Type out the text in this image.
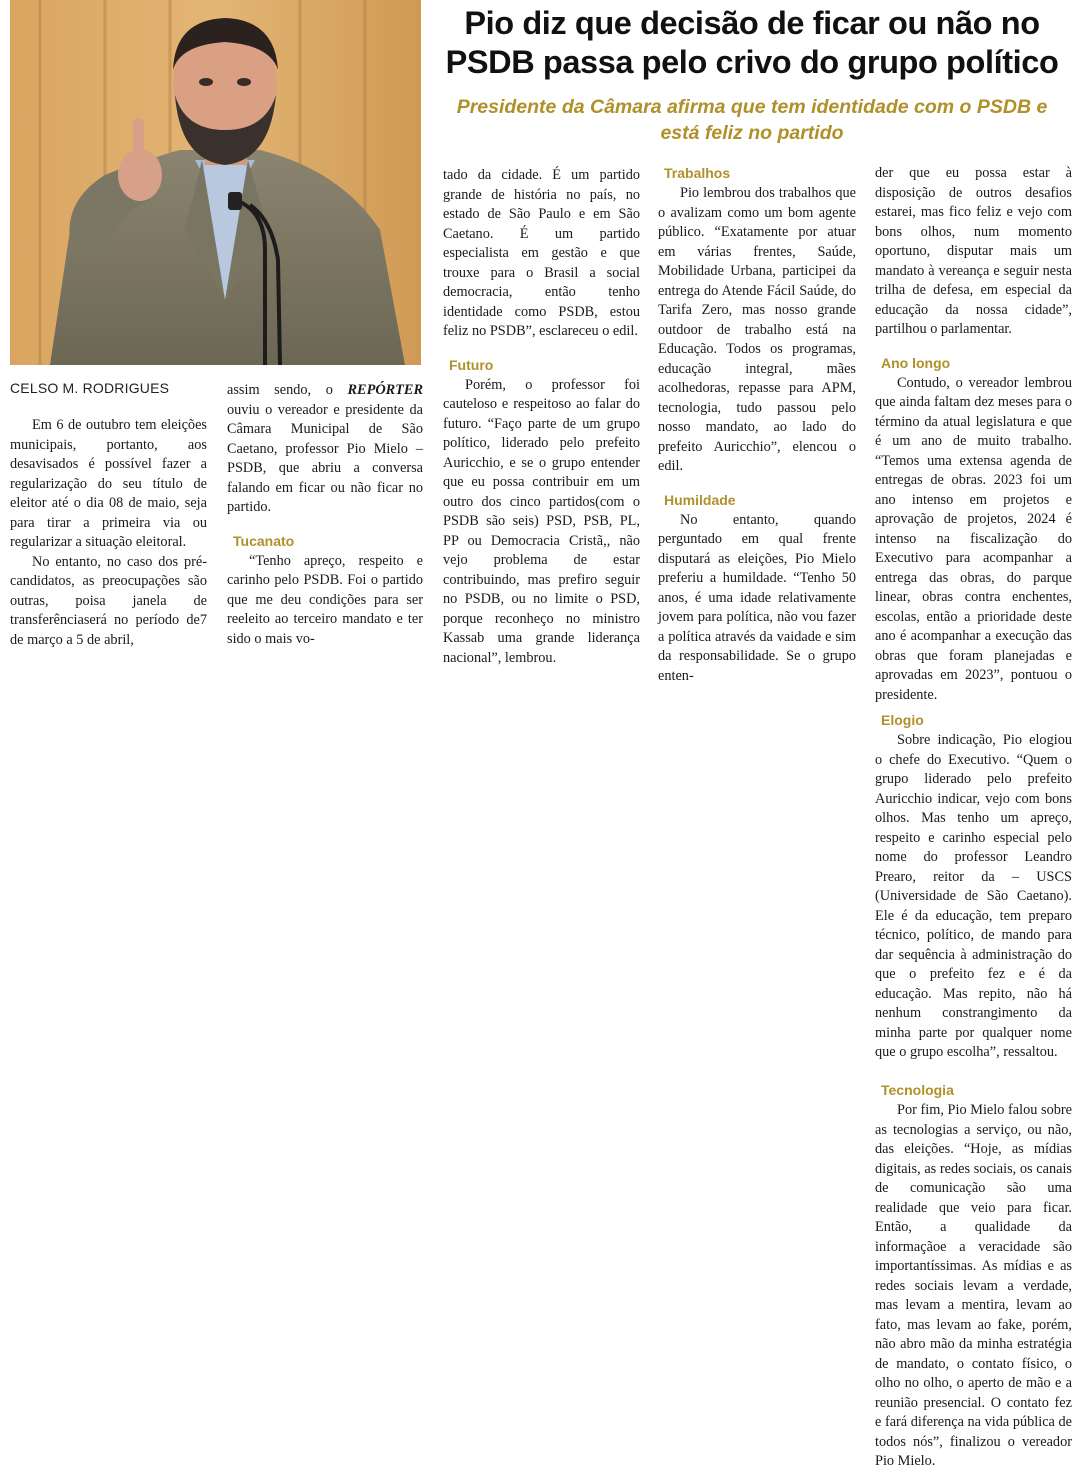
CELSO M. RODRIGUES
Pio diz que decisão de ficar ou não no PSDB passa pelo crivo do grupo político
Presidente da Câmara afirma que tem identidade com o PSDB e está feliz no partido

Em 6 de outubro tem eleições municipais, portanto, aos desavisados é possível fazer a regularização do seu título de eleitor até o dia 08 de maio, seja para tirar a primeira via ou regularizar a situação eleitoral.

No entanto, no caso dos pré-candidatos, as preocupações são outras, poisa janela de transferênciaserá no período de7 de março a 5 de abril,

assim sendo, o REPÓRTER ouviu o vereador e presidente da Câmara Municipal de São Caetano, professor Pio Mielo – PSDB, que abriu a conversa falando em ficar ou não ficar no partido.

Tucanato

“Tenho apreço, respeito e carinho pelo PSDB. Foi o partido que me deu condições para ser reeleito ao terceiro mandato e ter sido o mais vo-

tado da cidade. É um partido grande de história no país, no estado de São Paulo e em São Caetano. É um partido especialista em gestão e que trouxe para o Brasil a social democracia, então tenho identidade como PSDB, estou feliz no PSDB”, esclareceu o edil.

Futuro

Porém, o professor foi cauteloso e respeitoso ao falar do futuro. “Faço parte de um grupo político, liderado pelo prefeito Auricchio, e se o grupo entender que eu possa contribuir em um outro dos cinco partidos(com o PSDB são seis) PSD, PSB, PL, PP ou Democracia Cristã,, não vejo problema de estar contribuindo, mas prefiro seguir no PSDB, ou no limite o PSD, porque reconheço no ministro Kassab uma grande liderança nacional”, lembrou.

Trabalhos

Pio lembrou dos trabalhos que o avalizam como um bom agente público. “Exatamente por atuar em várias frentes, Saúde, Mobilidade Urbana, participei da entrega do Atende Fácil Saúde, do Tarifa Zero, mas nosso grande outdoor de trabalho está na Educação. Todos os programas, educação integral, mães acolhedoras, repasse para APM, tecnologia, tudo passou pelo nosso mandato, ao lado do prefeito Auricchio”, elencou o edil.

Humildade

No entanto, quando perguntado em qual frente disputará as eleições, Pio Mielo preferiu a humildade. “Tenho 50 anos, é uma idade relativamente jovem para política, não vou fazer a política através da vaidade e sim da responsabilidade. Se o grupo enten-

der que eu possa estar à disposição de outros desafios estarei, mas fico feliz e vejo com bons olhos, num momento oportuno, disputar mais um mandato à vereança e seguir nesta trilha de defesa, em especial da educação da nossa cidade”, partilhou o parlamentar.

Ano longo

Contudo, o vereador lembrou que ainda faltam dez meses para o término da atual legislatura e que é um ano de muito trabalho. “Temos uma extensa agenda de entregas de obras. 2023 foi um ano intenso em projetos e aprovação de projetos, 2024 é intenso na fiscalização do Executivo para acompanhar a entrega das obras, do parque linear, obras contra enchentes, escolas, então a prioridade deste ano é acompanhar a execução das obras que foram planejadas e aprovadas em 2023”, pontuou o presidente.

Elogio

Sobre indicação, Pio elogiou o chefe do Executivo. “Quem o grupo liderado pelo prefeito Auricchio indicar, vejo com bons olhos. Mas tenho um apreço, respeito e carinho especial pelo nome do professor Leandro Prearo, reitor da – USCS (Universidade de São Caetano). Ele é da educação, tem preparo técnico, político, de mando para dar sequência à administração do que o prefeito fez e é da educação. Mas repito, não há nenhum constrangimento da minha parte por qualquer nome que o grupo escolha”, ressaltou.

Tecnologia

Por fim, Pio Mielo falou sobre as tecnologias a serviço, ou não, das eleições. “Hoje, as mídias digitais, as redes sociais, os canais de comunicação são uma realidade que veio para ficar. Então, a qualidade da informaçãoe a veracidade são importantíssimas. As mídias e as redes sociais levam a verdade, mas levam a mentira, levam ao fato, mas levam ao fake, porém, não abro mão da minha estratégia de mandato, o contato físico, o olho no olho, o aperto de mão e a reunião presencial. O contato fez e fará diferença na vida pública de todos nós”, finalizou o vereador Pio Mielo.
